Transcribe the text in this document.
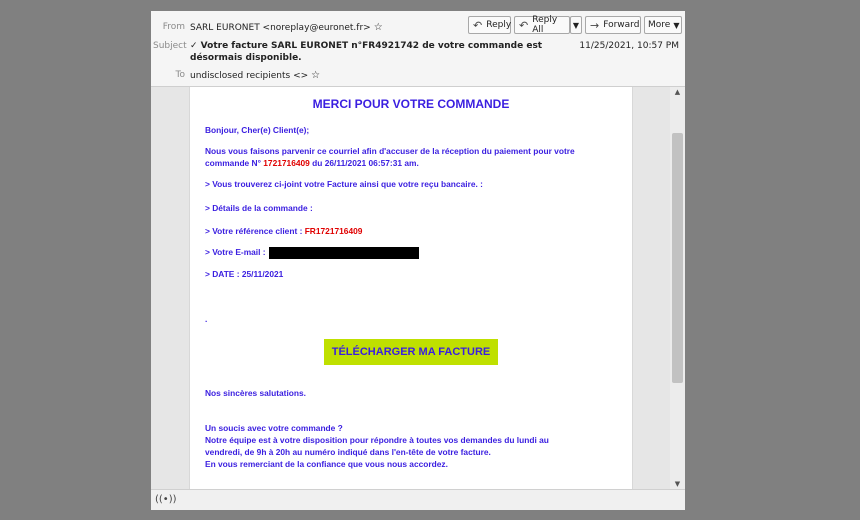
From SARL EURONET <noreplay@euronet.fr> ☆
Subject ✓ Votre facture SARL EURONET n°FR4921742 de votre commande est désormais disponible.
11/25/2021, 10:57 PM
To undisclosed recipients <> ☆
↶ Reply ↶ Reply All	▼ → Forward More ▼
MERCI POUR VOTRE COMMANDE
Bonjour, Cher(e) Client(e);
Nous vous faisons parvenir ce courriel afin d'accuser de la réception du paiement pour votre
commande N° 1721716409 du 26/11/2021 06:57:31 am.
> Vous trouverez ci-joint votre Facture ainsi que votre reçu bancaire. :
> Détails de la commande :
> Votre référence client : FR1721716409
> Votre E-mail :
> DATE : 25/11/2021
.
TÉLÉCHARGER MA FACTURE
Nos sincères salutations.
Un soucis avec votre commande ?
Notre équipe est à votre disposition pour répondre à toutes vos demandes du lundi au
vendredi, de 9h à 20h au numéro indiqué dans l'en-tête de votre facture.
En vous remerciant de la confiance que vous nous accordez.
▲
▼
((•))
